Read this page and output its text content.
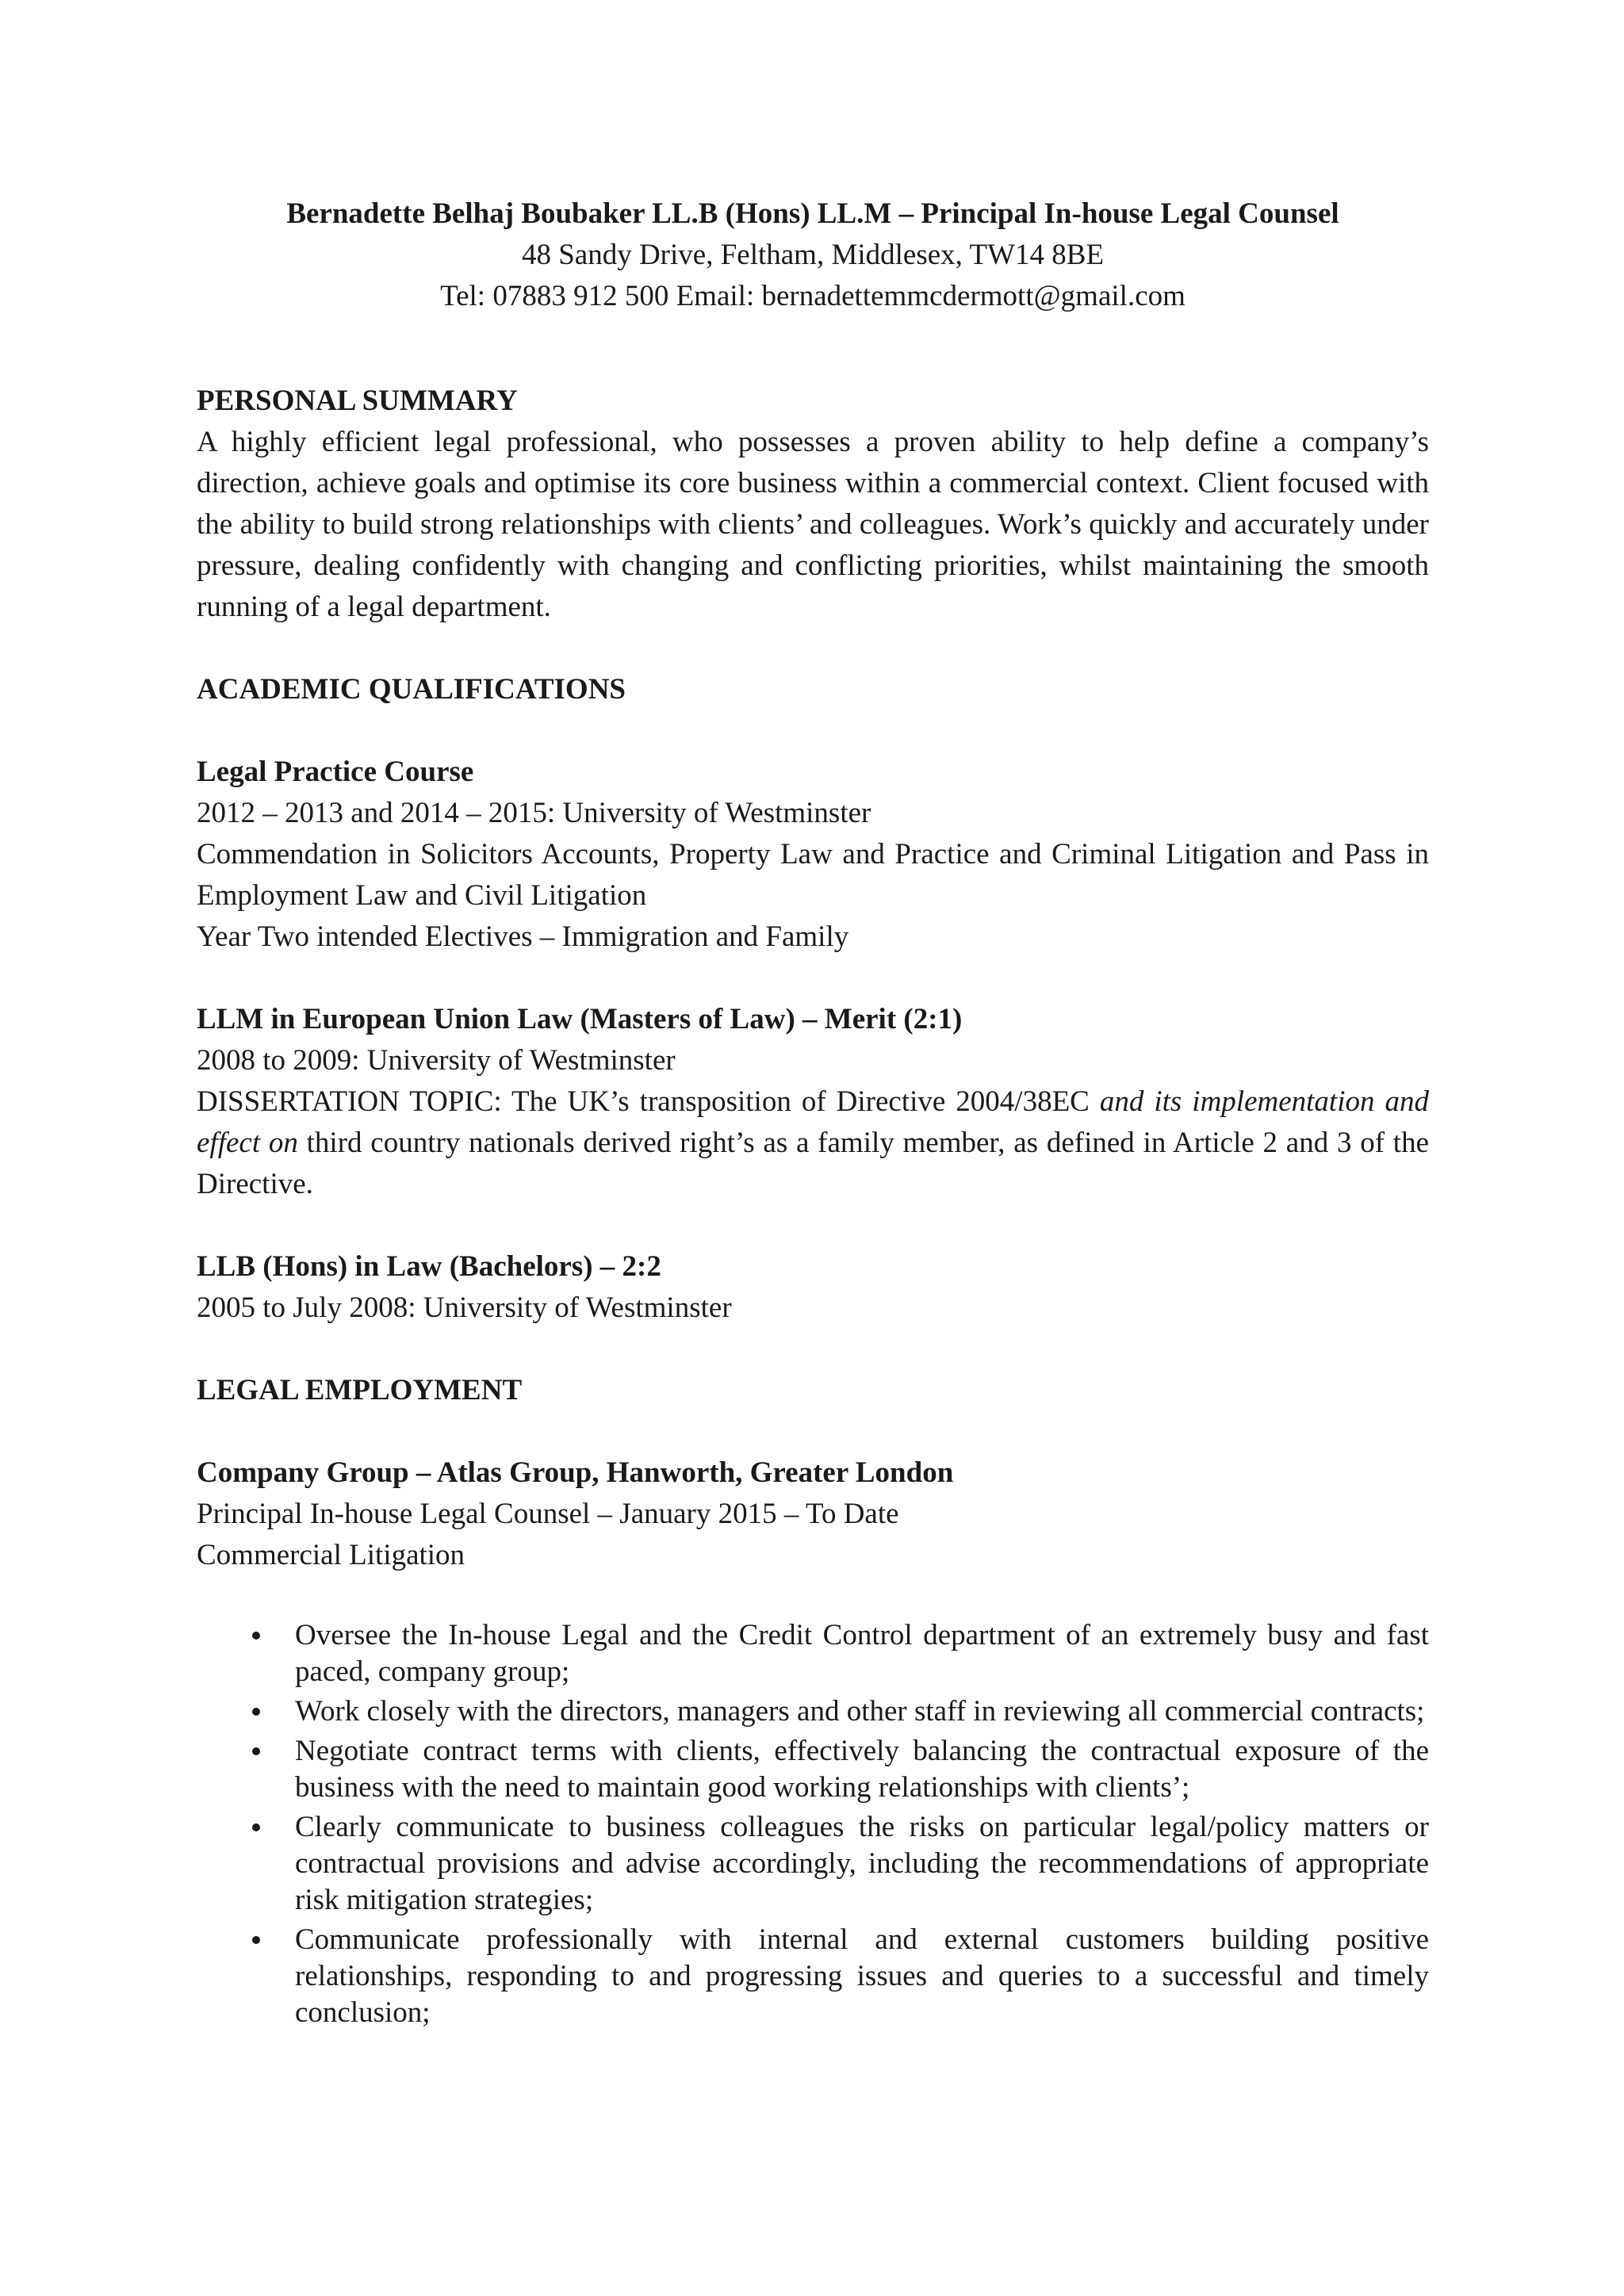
Bernadette Belhaj Boubaker LL.B (Hons) LL.M – Principal In-house Legal Counsel
48 Sandy Drive, Feltham, Middlesex, TW14 8BE
Tel: 07883 912 500 Email: bernadettemmcdermott@gmail.com
PERSONAL SUMMARY
A highly efficient legal professional, who possesses a proven ability to help define a company’s direction, achieve goals and optimise its core business within a commercial context. Client focused with the ability to build strong relationships with clients’ and colleagues. Work’s quickly and accurately under pressure, dealing confidently with changing and conflicting priorities, whilst maintaining the smooth running of a legal department.
ACADEMIC QUALIFICATIONS
Legal Practice Course
2012 – 2013 and 2014 – 2015: University of Westminster
Commendation in Solicitors Accounts, Property Law and Practice and Criminal Litigation and Pass in Employment Law and Civil Litigation
Year Two intended Electives – Immigration and Family
LLM in European Union Law (Masters of Law) – Merit (2:1)
2008 to 2009: University of Westminster
DISSERTATION TOPIC: The UK’s transposition of Directive 2004/38EC and its implementation and effect on third country nationals derived right’s as a family member, as defined in Article 2 and 3 of the Directive.
LLB (Hons) in Law (Bachelors) – 2:2
2005 to July 2008: University of Westminster
LEGAL EMPLOYMENT
Company Group – Atlas Group, Hanworth, Greater London
Principal In-house Legal Counsel – January 2015 – To Date
Commercial Litigation
Oversee the In-house Legal and the Credit Control department of an extremely busy and fast paced, company group;
Work closely with the directors, managers and other staff in reviewing all commercial contracts;
Negotiate contract terms with clients, effectively balancing the contractual exposure of the business with the need to maintain good working relationships with clients’;
Clearly communicate to business colleagues the risks on particular legal/policy matters or contractual provisions and advise accordingly, including the recommendations of appropriate risk mitigation strategies;
Communicate professionally with internal and external customers building positive relationships, responding to and progressing issues and queries to a successful and timely conclusion;
